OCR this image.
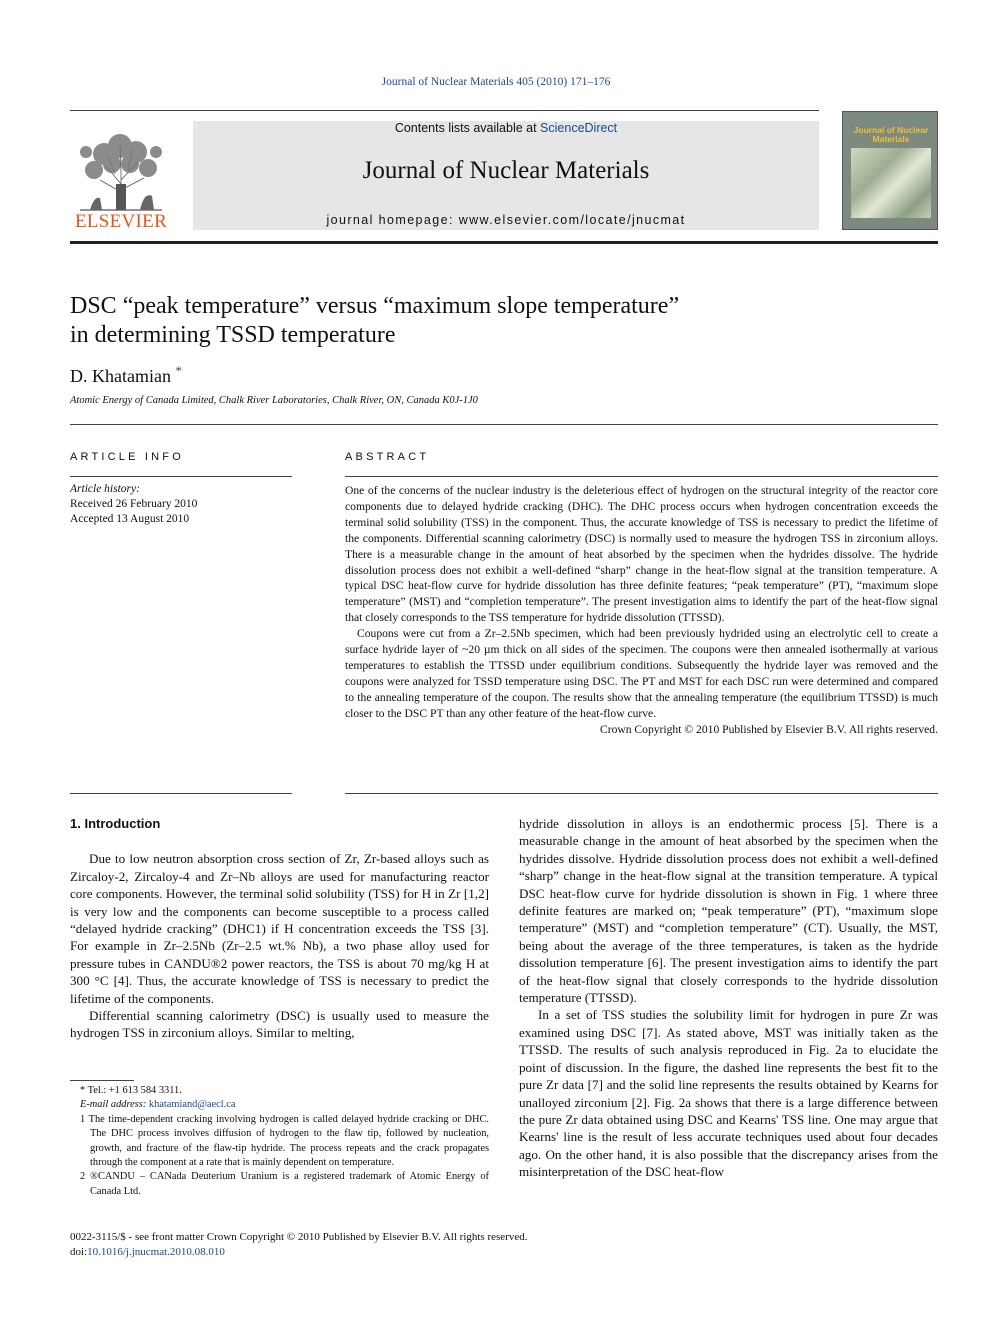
Journal of Nuclear Materials 405 (2010) 171–176
ELSEVIER
Contents lists available at ScienceDirect
Journal of Nuclear Materials
journal homepage: www.elsevier.com/locate/jnucmat
Journal of Nuclear Materials
DSC “peak temperature” versus “maximum slope temperature”
in determining TSSD temperature
D. Khatamian *
Atomic Energy of Canada Limited, Chalk River Laboratories, Chalk River, ON, Canada K0J-1J0
ARTICLE INFO
Article history:
Received 26 February 2010
Accepted 13 August 2010
ABSTRACT

One of the concerns of the nuclear industry is the deleterious effect of hydrogen on the structural integrity of the reactor core components due to delayed hydride cracking (DHC). The DHC process occurs when hydrogen concentration exceeds the terminal solid solubility (TSS) in the component. Thus, the accurate knowledge of TSS is necessary to predict the lifetime of the components. Differential scanning calorimetry (DSC) is normally used to measure the hydrogen TSS in zirconium alloys. There is a measurable change in the amount of heat absorbed by the specimen when the hydrides dissolve. The hydride dissolution process does not exhibit a well-defined “sharp” change in the heat-flow signal at the transition temperature. A typical DSC heat-flow curve for hydride dissolution has three definite features; “peak temperature” (PT), “maximum slope temperature” (MST) and “completion temperature”. The present investigation aims to identify the part of the heat-flow signal that closely corresponds to the TSS temperature for hydride dissolution (TTSSD).

Coupons were cut from a Zr–2.5Nb specimen, which had been previously hydrided using an electrolytic cell to create a surface hydride layer of ~20 µm thick on all sides of the specimen. The coupons were then annealed isothermally at various temperatures to establish the TTSSD under equilibrium conditions. Subsequently the hydride layer was removed and the coupons were analyzed for TSSD temperature using DSC. The PT and MST for each DSC run were determined and compared to the annealing temperature of the coupon. The results show that the annealing temperature (the equilibrium TTSSD) is much closer to the DSC PT than any other feature of the heat-flow curve.

Crown Copyright © 2010 Published by Elsevier B.V. All rights reserved.

1. Introduction

Due to low neutron absorption cross section of Zr, Zr-based alloys such as Zircaloy-2, Zircaloy-4 and Zr–Nb alloys are used for manufacturing reactor core components. However, the terminal solid solubility (TSS) for H in Zr [1,2] is very low and the components can become susceptible to a process called “delayed hydride cracking” (DHC1) if H concentration exceeds the TSS [3]. For example in Zr–2.5Nb (Zr–2.5 wt.% Nb), a two phase alloy used for pressure tubes in CANDU®2 power reactors, the TSS is about 70 mg/kg H at 300 °C [4]. Thus, the accurate knowledge of TSS is necessary to predict the lifetime of the components.

Differential scanning calorimetry (DSC) is usually used to measure the hydrogen TSS in zirconium alloys. Similar to melting,

hydride dissolution in alloys is an endothermic process [5]. There is a measurable change in the amount of heat absorbed by the specimen when the hydrides dissolve. Hydride dissolution process does not exhibit a well-defined “sharp” change in the heat-flow signal at the transition temperature. A typical DSC heat-flow curve for hydride dissolution is shown in Fig. 1 where three definite features are marked on; “peak temperature” (PT), “maximum slope temperature” (MST) and “completion temperature” (CT). Usually, the MST, being about the average of the three temperatures, is taken as the hydride dissolution temperature [6]. The present investigation aims to identify the part of the heat-flow signal that closely corresponds to the hydride dissolution temperature (TTSSD).

In a set of TSS studies the solubility limit for hydrogen in pure Zr was examined using DSC [7]. As stated above, MST was initially taken as the TTSSD. The results of such analysis reproduced in Fig. 2a to elucidate the point of discussion. In the figure, the dashed line represents the best fit to the pure Zr data [7] and the solid line represents the results obtained by Kearns for unalloyed zirconium [2]. Fig. 2a shows that there is a large difference between the pure Zr data obtained using DSC and Kearns' TSS line. One may argue that Kearns' line is the result of less accurate techniques used about four decades ago. On the other hand, it is also possible that the discrepancy arises from the misinterpretation of the DSC heat-flow

* Tel.: +1 613 584 3311.

E-mail address: khatamiand@aecl.ca

1 The time-dependent cracking involving hydrogen is called delayed hydride cracking or DHC. The DHC process involves diffusion of hydrogen to the flaw tip, followed by nucleation, growth, and fracture of the flaw-tip hydride. The process repeats and the crack propagates through the component at a rate that is mainly dependent on temperature.

2 ®CANDU – CANada Deuterium Uranium is a registered trademark of Atomic Energy of Canada Ltd.

0022-3115/$ - see front matter Crown Copyright © 2010 Published by Elsevier B.V. All rights reserved.
doi:10.1016/j.jnucmat.2010.08.010
